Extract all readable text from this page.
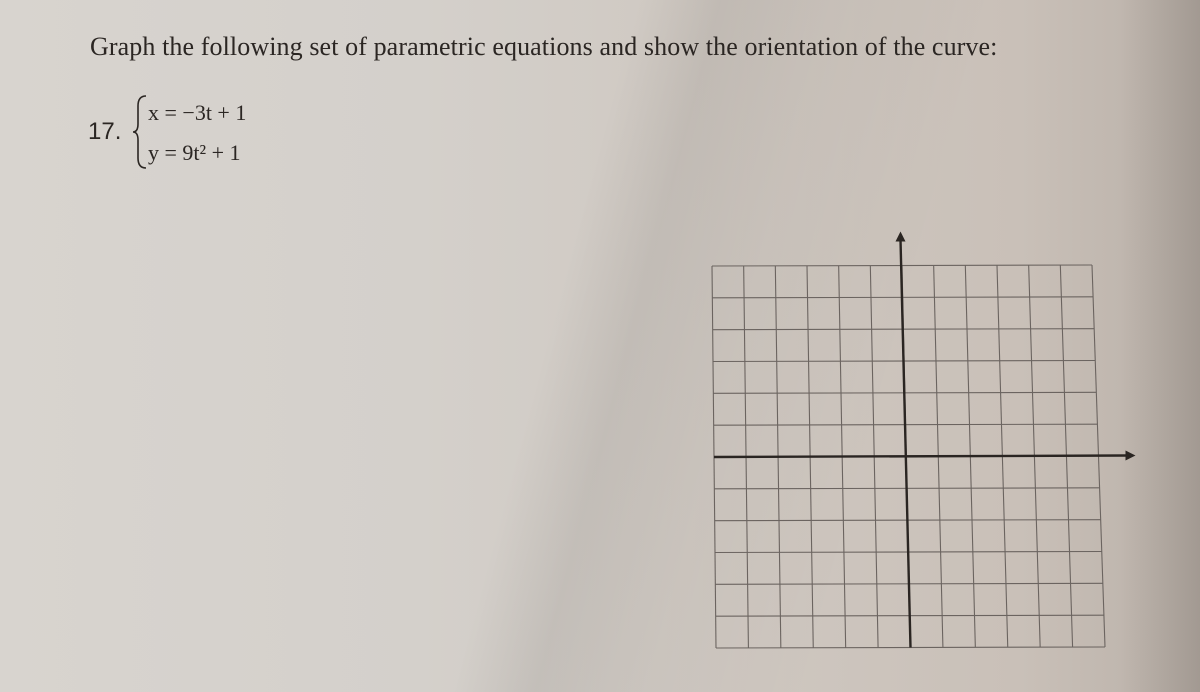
Graph the following set of parametric equations and show the orientation of the curve:
17.
x = −3t + 1
y = 9t² + 1
